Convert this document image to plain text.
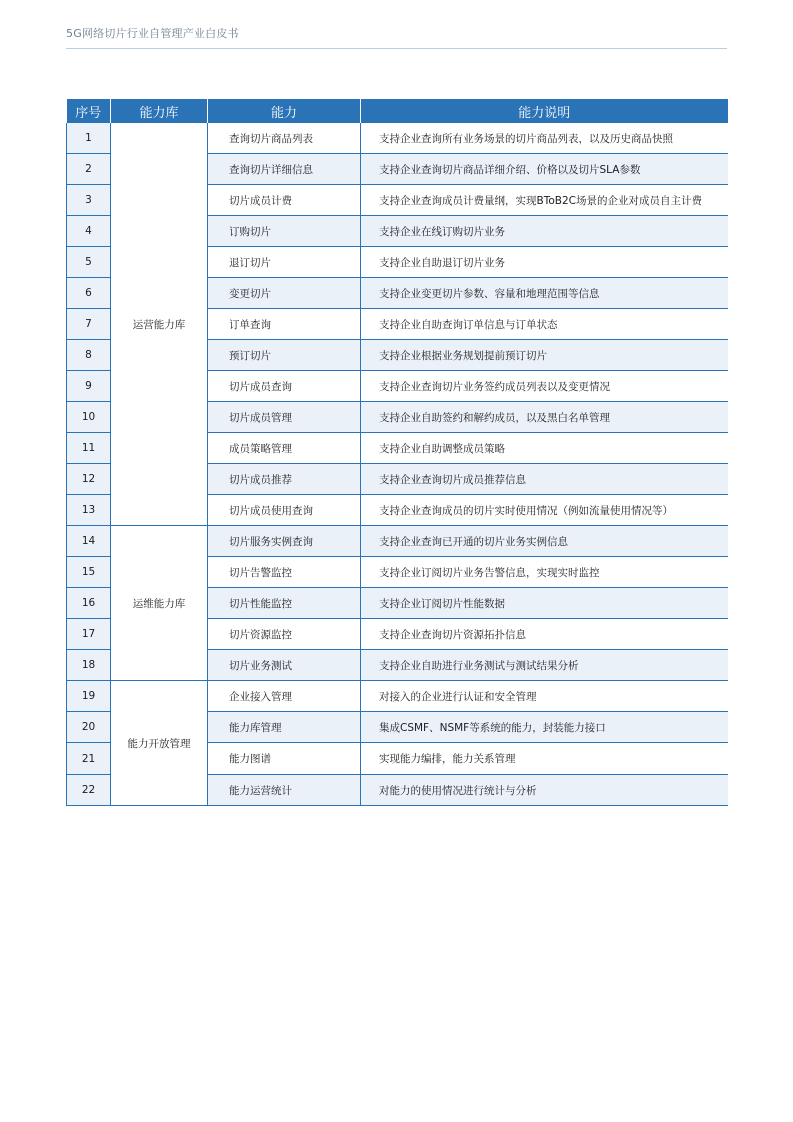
5G网络切片行业自管理产业白皮书
序号	能力库	能力	能力说明
1	运营能力库	查询切片商品列表	支持企业查询所有业务场景的切片商品列表，以及历史商品快照
2		查询切片详细信息	支持企业查询切片商品详细介绍、价格以及切片SLA参数
3		切片成员计费	支持企业查询成员计费量纲，实现BToB2C场景的企业对成员自主计费
4		订购切片	支持企业在线订购切片业务
5		退订切片	支持企业自助退订切片业务
6		变更切片	支持企业变更切片参数、容量和地理范围等信息
7		订单查询	支持企业自助查询订单信息与订单状态
8		预订切片	支持企业根据业务规划提前预订切片
9		切片成员查询	支持企业查询切片业务签约成员列表以及变更情况
10		切片成员管理	支持企业自助签约和解约成员，以及黑白名单管理
11		成员策略管理	支持企业自助调整成员策略
12		切片成员推荐	支持企业查询切片成员推荐信息
13		切片成员使用查询	支持企业查询成员的切片实时使用情况（例如流量使用情况等）
14	运维能力库	切片服务实例查询	支持企业查询已开通的切片业务实例信息
15		切片告警监控	支持企业订阅切片业务告警信息，实现实时监控
16		切片性能监控	支持企业订阅切片性能数据
17		切片资源监控	支持企业查询切片资源拓扑信息
18		切片业务测试	支持企业自助进行业务测试与测试结果分析
19	能力开放管理	企业接入管理	对接入的企业进行认证和安全管理
20		能力库管理	集成CSMF、NSMF等系统的能力，封装能力接口
21		能力图谱	实现能力编排，能力关系管理
22		能力运营统计	对能力的使用情况进行统计与分析
